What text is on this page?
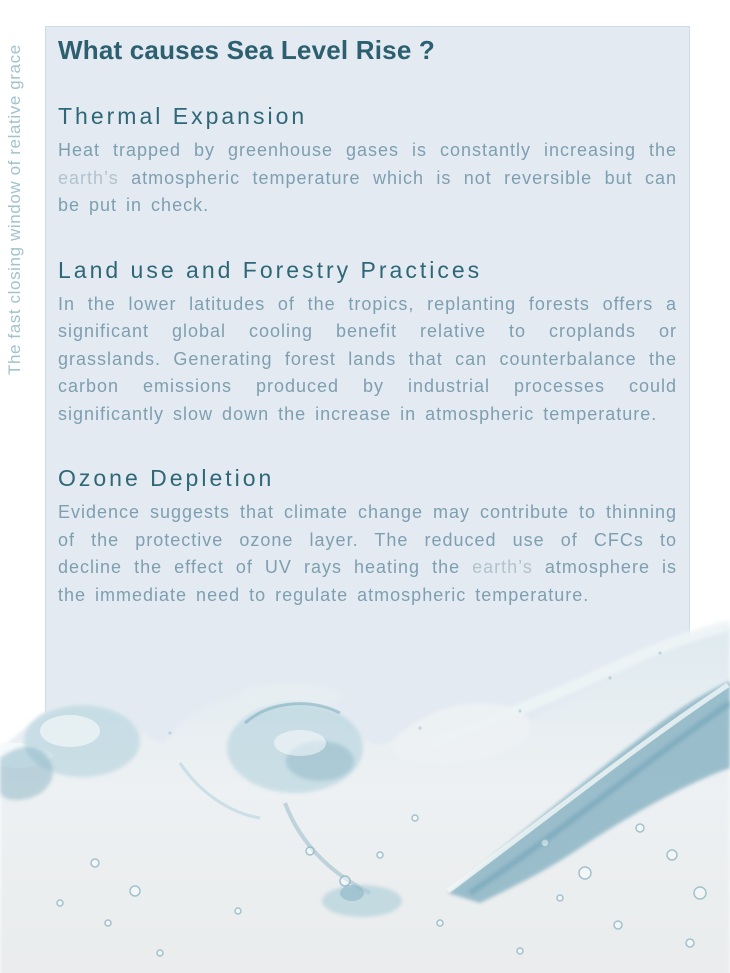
The fast closing window of relative grace What causes Sea Level Rise ?
Thermal Expansion

Heat trapped by greenhouse gases is constantly increasing the earth’s atmospheric temperature which is not reversible but can be put in check.

Land use and Forestry Practices

In the lower latitudes of the tropics, replanting forests offers a significant global cooling benefit relative to croplands or grasslands. Generating forest lands that can counterbalance the carbon emissions produced by industrial processes could significantly slow down the increase in atmospheric temperature.

Ozone Depletion

Evidence suggests that climate change may contribute to thinning of the protective ozone layer. The reduced use of CFCs to decline the effect of UV rays heating the earth’s atmosphere is the immediate need to regulate atmospheric temperature.
